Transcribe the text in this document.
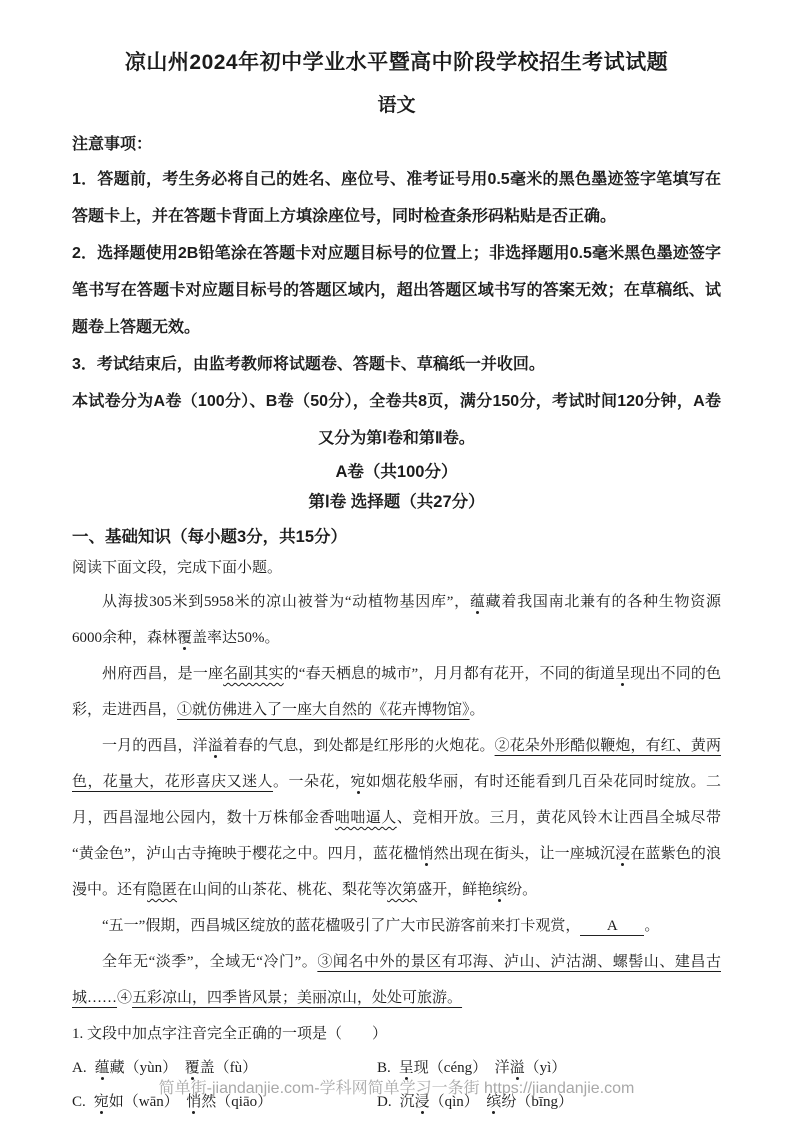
凉山州2024年初中学业水平暨高中阶段学校招生考试试题
语文

注意事项：

1．答题前，考生务必将自己的姓名、座位号、准考证号用0.5毫米的黑色墨迹签字笔填写在答题卡上，并在答题卡背面上方填涂座位号，同时检查条形码粘贴是否正确。

2．选择题使用2B铅笔涂在答题卡对应题目标号的位置上；非选择题用0.5毫米黑色墨迹签字笔书写在答题卡对应题目标号的答题区域内，超出答题区域书写的答案无效；在草稿纸、试题卷上答题无效。

3．考试结束后，由监考教师将试题卷、答题卡、草稿纸一并收回。

本试卷分为A卷（100分）、B卷（50分），全卷共8页，满分150分，考试时间120分钟，A卷又分为第Ⅰ卷和第Ⅱ卷。

A卷（共100分）

第Ⅰ卷 选择题（共27分）

一、基础知识（每小题3分，共15分）

阅读下面文段，完成下面小题。

从海拔305米到5958米的凉山被誉为“动植物基因库”，蕴藏着我国南北兼有的各种生物资源6000余种，森林覆盖率达50%。

州府西昌，是一座名副其实的“春天栖息的城市”，月月都有花开，不同的街道呈现出不同的色彩，走进西昌，①就仿佛进入了一座大自然的《花卉博物馆》。

一月的西昌，洋溢着春的气息，到处都是红彤彤的火炮花。②花朵外形酷似鞭炮，有红、黄两色，花量大，花形喜庆又迷人。一朵花，宛如烟花般华丽，有时还能看到几百朵花同时绽放。二月，西昌湿地公园内，数十万株郁金香咄咄逼人、竞相开放。三月，黄花风铃木让西昌全城尽带“黄金色”，泸山古寺掩映于樱花之中。四月，蓝花楹悄然出现在街头，让一座城沉浸在蓝紫色的浪漫中。还有隐匿在山间的山茶花、桃花、梨花等次第盛开，鲜艳缤纷。

“五一”假期，西昌城区绽放的蓝花楹吸引了广大市民游客前来打卡观赏， A 。

全年无“淡季”，全域无“冷门”。③闻名中外的景区有邛海、泸山、泸沽湖、螺髻山、建昌古城……④五彩凉山，四季皆风景；美丽凉山，处处可旅游。

1. 文段中加点字注音完全正确的一项是（　　）

A. 蕴藏（yùn）　覆盖（fù）	B. 呈现（céng）　洋溢（yì）
C. 宛如（wān）　悄然（qiāo）	D. 沉浸（qìn）　缤纷（bīng）
简单街-jiandanjie.com-学科网简单学习一条街 https://jiandanjie.com
